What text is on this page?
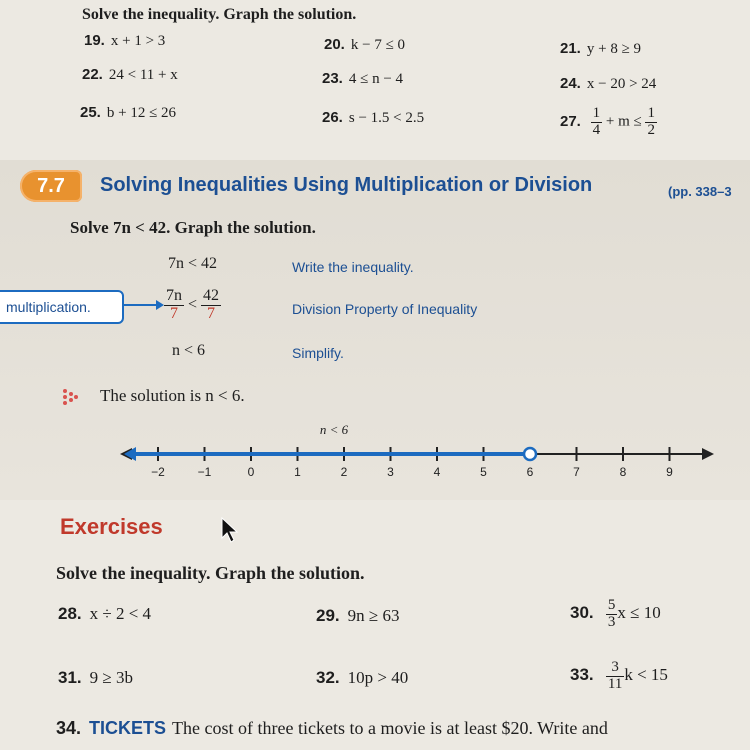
Solve the inequality. Graph the solution.
19. x + 1 > 3	20. k − 7 ≤ 0	21. y + 8 ≥ 9
22. 24 < 11 + x	23. 4 ≤ n − 4	24. x − 20 > 24
25. b + 12 ≤ 26	26. s − 1.5 < 2.5	27. $\frac{1}{4} + m \le \frac{1}{2}$
7.7	Solving Inequalities Using Multiplication or Division	(pp. 338–3
Solve 7n < 42. Graph the solution.
7n < 42	Write the inequality.
multiplication.	$\frac{7n}{7} < \frac{42}{7}$	Division Property of Inequality
n < 6	Simplify.
The solution is n < 6.
−2	−1	0	1	2	3	4	5	6	7	8	9
n < 6
Exercises
Solve the inequality. Graph the solution.
28. x ÷ 2 < 4	29. 9n ≥ 63	30. $\frac{5}{3}$ x ≤ 10
31. 9 ≥ 3b	32. 10p > 40	33. $\frac{3}{11}$ k < 15
34. TICKETS The cost of three tickets to a movie is at least $20. Write and
